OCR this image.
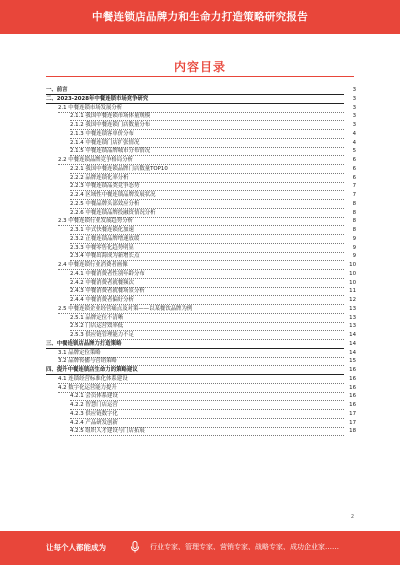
中餐连锁店品牌力和生命力打造策略研究报告
内容目录
一、前言	3
二、2023-2028年中餐连锁市场竞争研究	3
2.1 中餐连锁市场发展分析	3
2.1.1 我国中餐连锁市场体量规模	3
2.1.2 我国中餐连锁门店数量分布	3
2.1.3 中餐连锁客单价分布	4
2.1.4 中餐连锁门店扩张情况	4
2.1.5 中餐连锁品牌城市分布情况	5
2.2 中餐连锁品牌竞争格局分析	6
2.2.1 我国中餐连锁品牌门店数量TOP10	6
2.2.2 品牌连锁化率分析	6
2.2.3 中餐连锁品类竞争态势	7
2.2.4 区域性中餐连锁品牌发展状况	7
2.2.5 中餐品牌头部效应分析	8
2.2.6 中餐连锁品牌投融资情况分析	8
2.3 中餐连锁行业发展趋势分析	8
2.3.1 中式快餐连锁化加速	8
2.3.2 正餐连锁品牌增速放缓	9
2.3.3 中餐零售化趋势明显	9
2.3.4 中餐出海成为新增长点	9
2.4 中餐连锁行业消费者画像	10
2.4.1 中餐消费者性别年龄分布	10
2.4.2 中餐消费者就餐频次	10
2.4.3 中餐消费者就餐场景分析	11
2.4.4 中餐消费者偏好分析	12
2.5 中餐连锁企业经营痛点及对策——以某餐饮品牌为例	13
2.5.1 品牌定位不清晰	13
2.5.2 门店运营效率低	13
2.5.3 供应链管理能力不足	14
三、中餐连锁店品牌力打造策略	14
3.1 品牌定位策略	14
3.2 品牌传播与营销策略	15
四、提升中餐连锁店生命力的策略建议	16
4.1 连锁经营标准化体系建设	16
4.2 数字化运营能力提升	16
4.2.1 会员体系建设	16
4.2.2 智慧门店运营	16
4.2.3 供应链数字化	17
4.2.4 产品研发创新	17
4.2.5 组织人才建设与门店拓展	18
2
让每个人都能成为	行业专家、管理专家、营销专家、战略专家、成功企业家……
